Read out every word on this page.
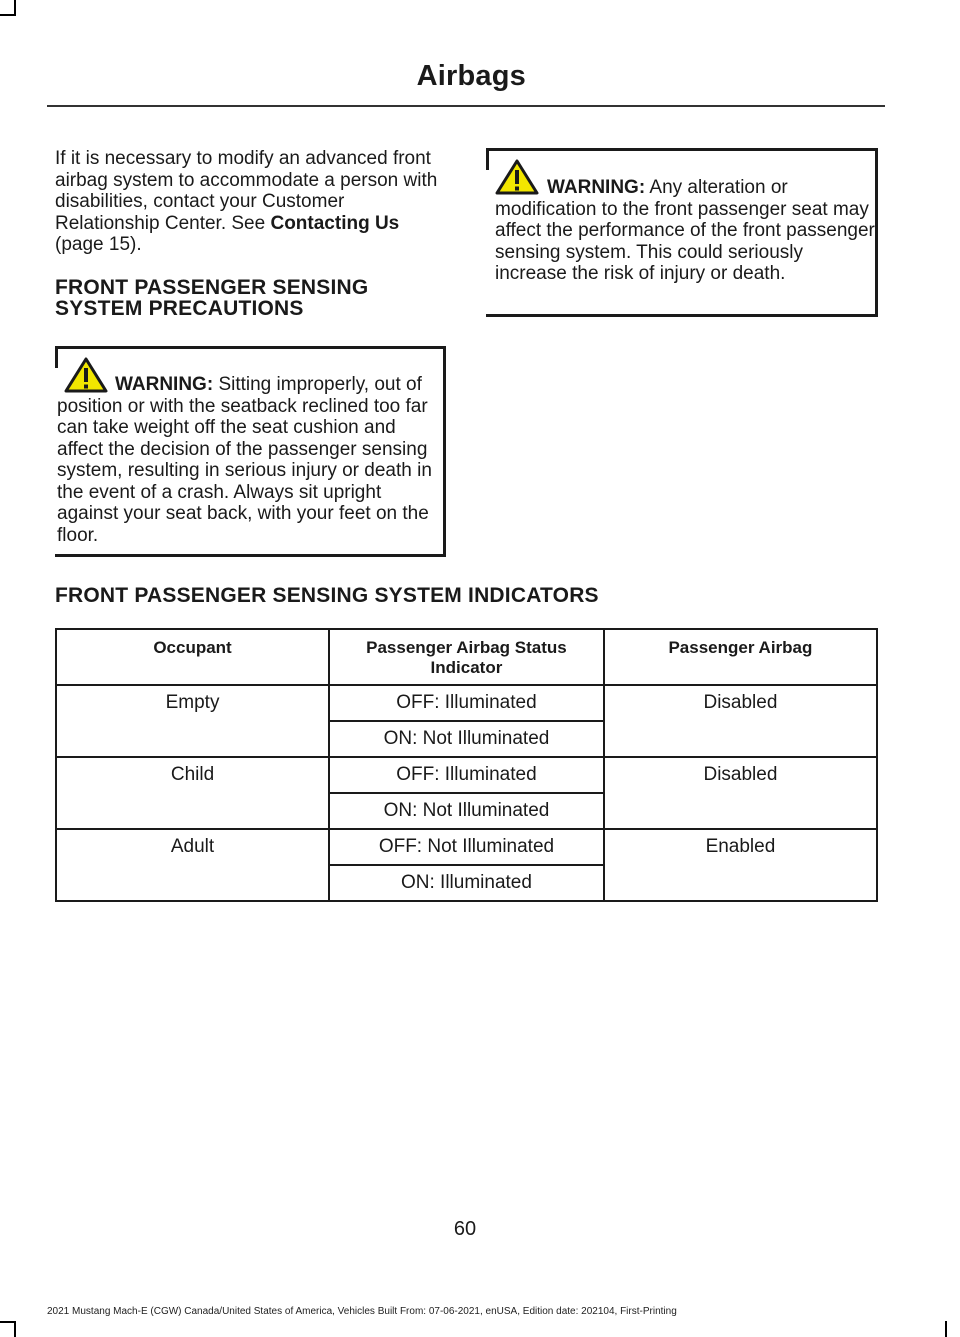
Airbags

If it is necessary to modify an advanced front airbag system to accommodate a person with disabilities, contact your Customer Relationship Center. See Contacting Us (page 15).

FRONT PASSENGER SENSING SYSTEM PRECAUTIONS
WARNING: Sitting improperly, out of position or with the seatback reclined too far can take weight off the seat cushion and affect the decision of the passenger sensing system, resulting in serious injury or death in the event of a crash. Always sit upright against your seat back, with your feet on the floor.
WARNING: Any alteration or modification to the front passenger seat may affect the performance of the front passenger sensing system. This could seriously increase the risk of injury or death.
FRONT PASSENGER SENSING SYSTEM INDICATORS
Occupant	Passenger Airbag Status Indicator	Passenger Airbag
Empty	OFF: Illuminated	Disabled
	ON: Not Illuminated	
Child	OFF: Illuminated	Disabled
	ON: Not Illuminated	
Adult	OFF: Not Illuminated	Enabled
	ON: Illuminated	
60
2021 Mustang Mach-E (CGW) Canada/United States of America, Vehicles Built From: 07-06-2021, enUSA, Edition date: 202104, First-Printing
